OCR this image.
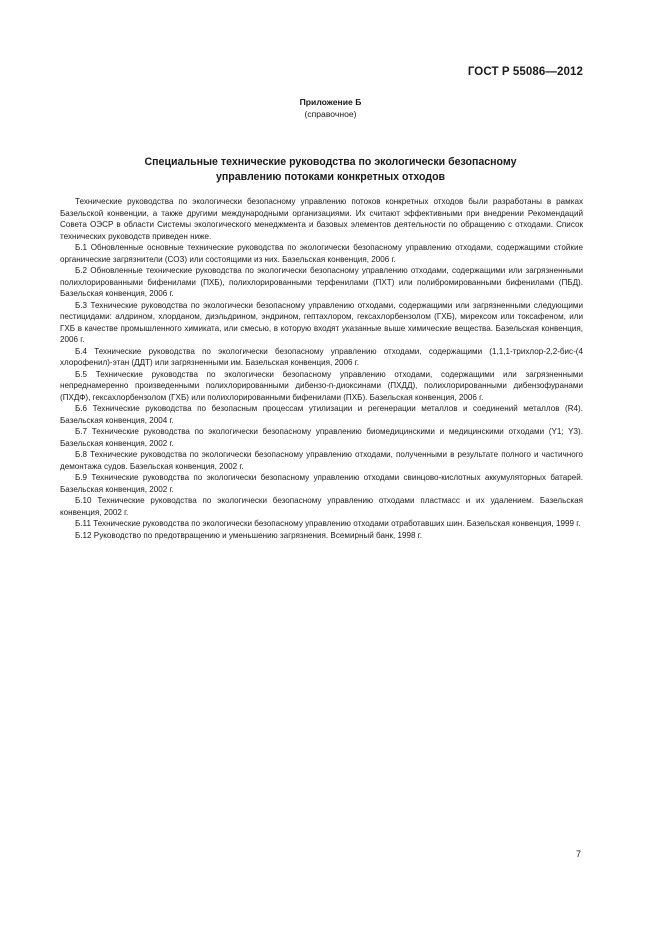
ГОСТ Р 55086—2012
Приложение Б
(справочное)
Специальные технические руководства по экологически безопасному
управлению потоками конкретных отходов

Технические руководства по экологически безопасному управлению потоков конкретных отходов были разработаны в рамках Базельской конвенции, а также другими международными организациями. Их считают эффективными при внедрении Рекомендаций Совета ОЭСР в области Системы экологического менеджмента и базовых элементов деятельности по обращению с отходами. Список технических руководств приведен ниже.

Б.1 Обновленные основные технические руководства по экологически безопасному управлению отходами, содержащими стойкие органические загрязнители (СОЗ) или состоящими из них. Базельская конвенция, 2006 г.

Б.2 Обновленные технические руководства по экологически безопасному управлению отходами, содержащими или загрязненными полихлорированными бифенилами (ПХБ), полихлорированными терфенилами (ПХТ) или полибромированными бифенилами (ПБД). Базельская конвенция, 2006 г.

Б.3 Технические руководства по экологически безопасному управлению отходами, содержащими или загрязненными следующими пестицидами: алдрином, хлорданом, диэльдрином, эндрином, гептахлором, гексахлорбензолом (ГХБ), мирексом или токсафеном, или ГХБ в качестве промышленного химиката, или смесью, в которую входят указанные выше химические вещества. Базельская конвенция, 2006 г.

Б.4 Технические руководства по экологически безопасному управлению отходами, содержащими (1,1,1-трихлор-2,2-бис-(4 хлорофенил)-этан (ДДТ) или загрязненными им. Базельская конвенция, 2006 г.

Б.5 Технические руководства по экологически безопасному управлению отходами, содержащими или загрязненными непреднамеренно произведенными полихлорированными дибензо-п-диоксинами (ПХДД), полихлорированными дибензофуранами (ПХДФ), гексахлорбензолом (ГХБ) или полихлорированными бифенилами (ПХБ). Базельская конвенция, 2006 г.

Б.6 Технические руководства по безопасным процессам утилизации и регенерации металлов и соединений металлов (R4). Базельская конвенция, 2004 г.

Б.7 Технические руководства по экологически безопасному управлению биомедицинскими и медицинскими отходами (Y1; Y3). Базельская конвенция, 2002 г.

Б.8 Технические руководства по экологически безопасному управлению отходами, полученными в результате полного и частичного демонтажа судов. Базельская конвенция, 2002 г.

Б.9 Технические руководства по экологически безопасному управлению отходами свинцово-кислотных аккумуляторных батарей. Базельская конвенция, 2002 г.

Б.10 Технические руководства по экологически безопасному управлению отходами пластмасс и их удалением. Базельская конвенция, 2002 г.

Б.11 Технические руководства по экологически безопасному управлению отходами отработавших шин. Базельская конвенция, 1999 г.

Б.12 Руководство по предотвращению и уменьшению загрязнения. Всемирный банк, 1998 г.

7
